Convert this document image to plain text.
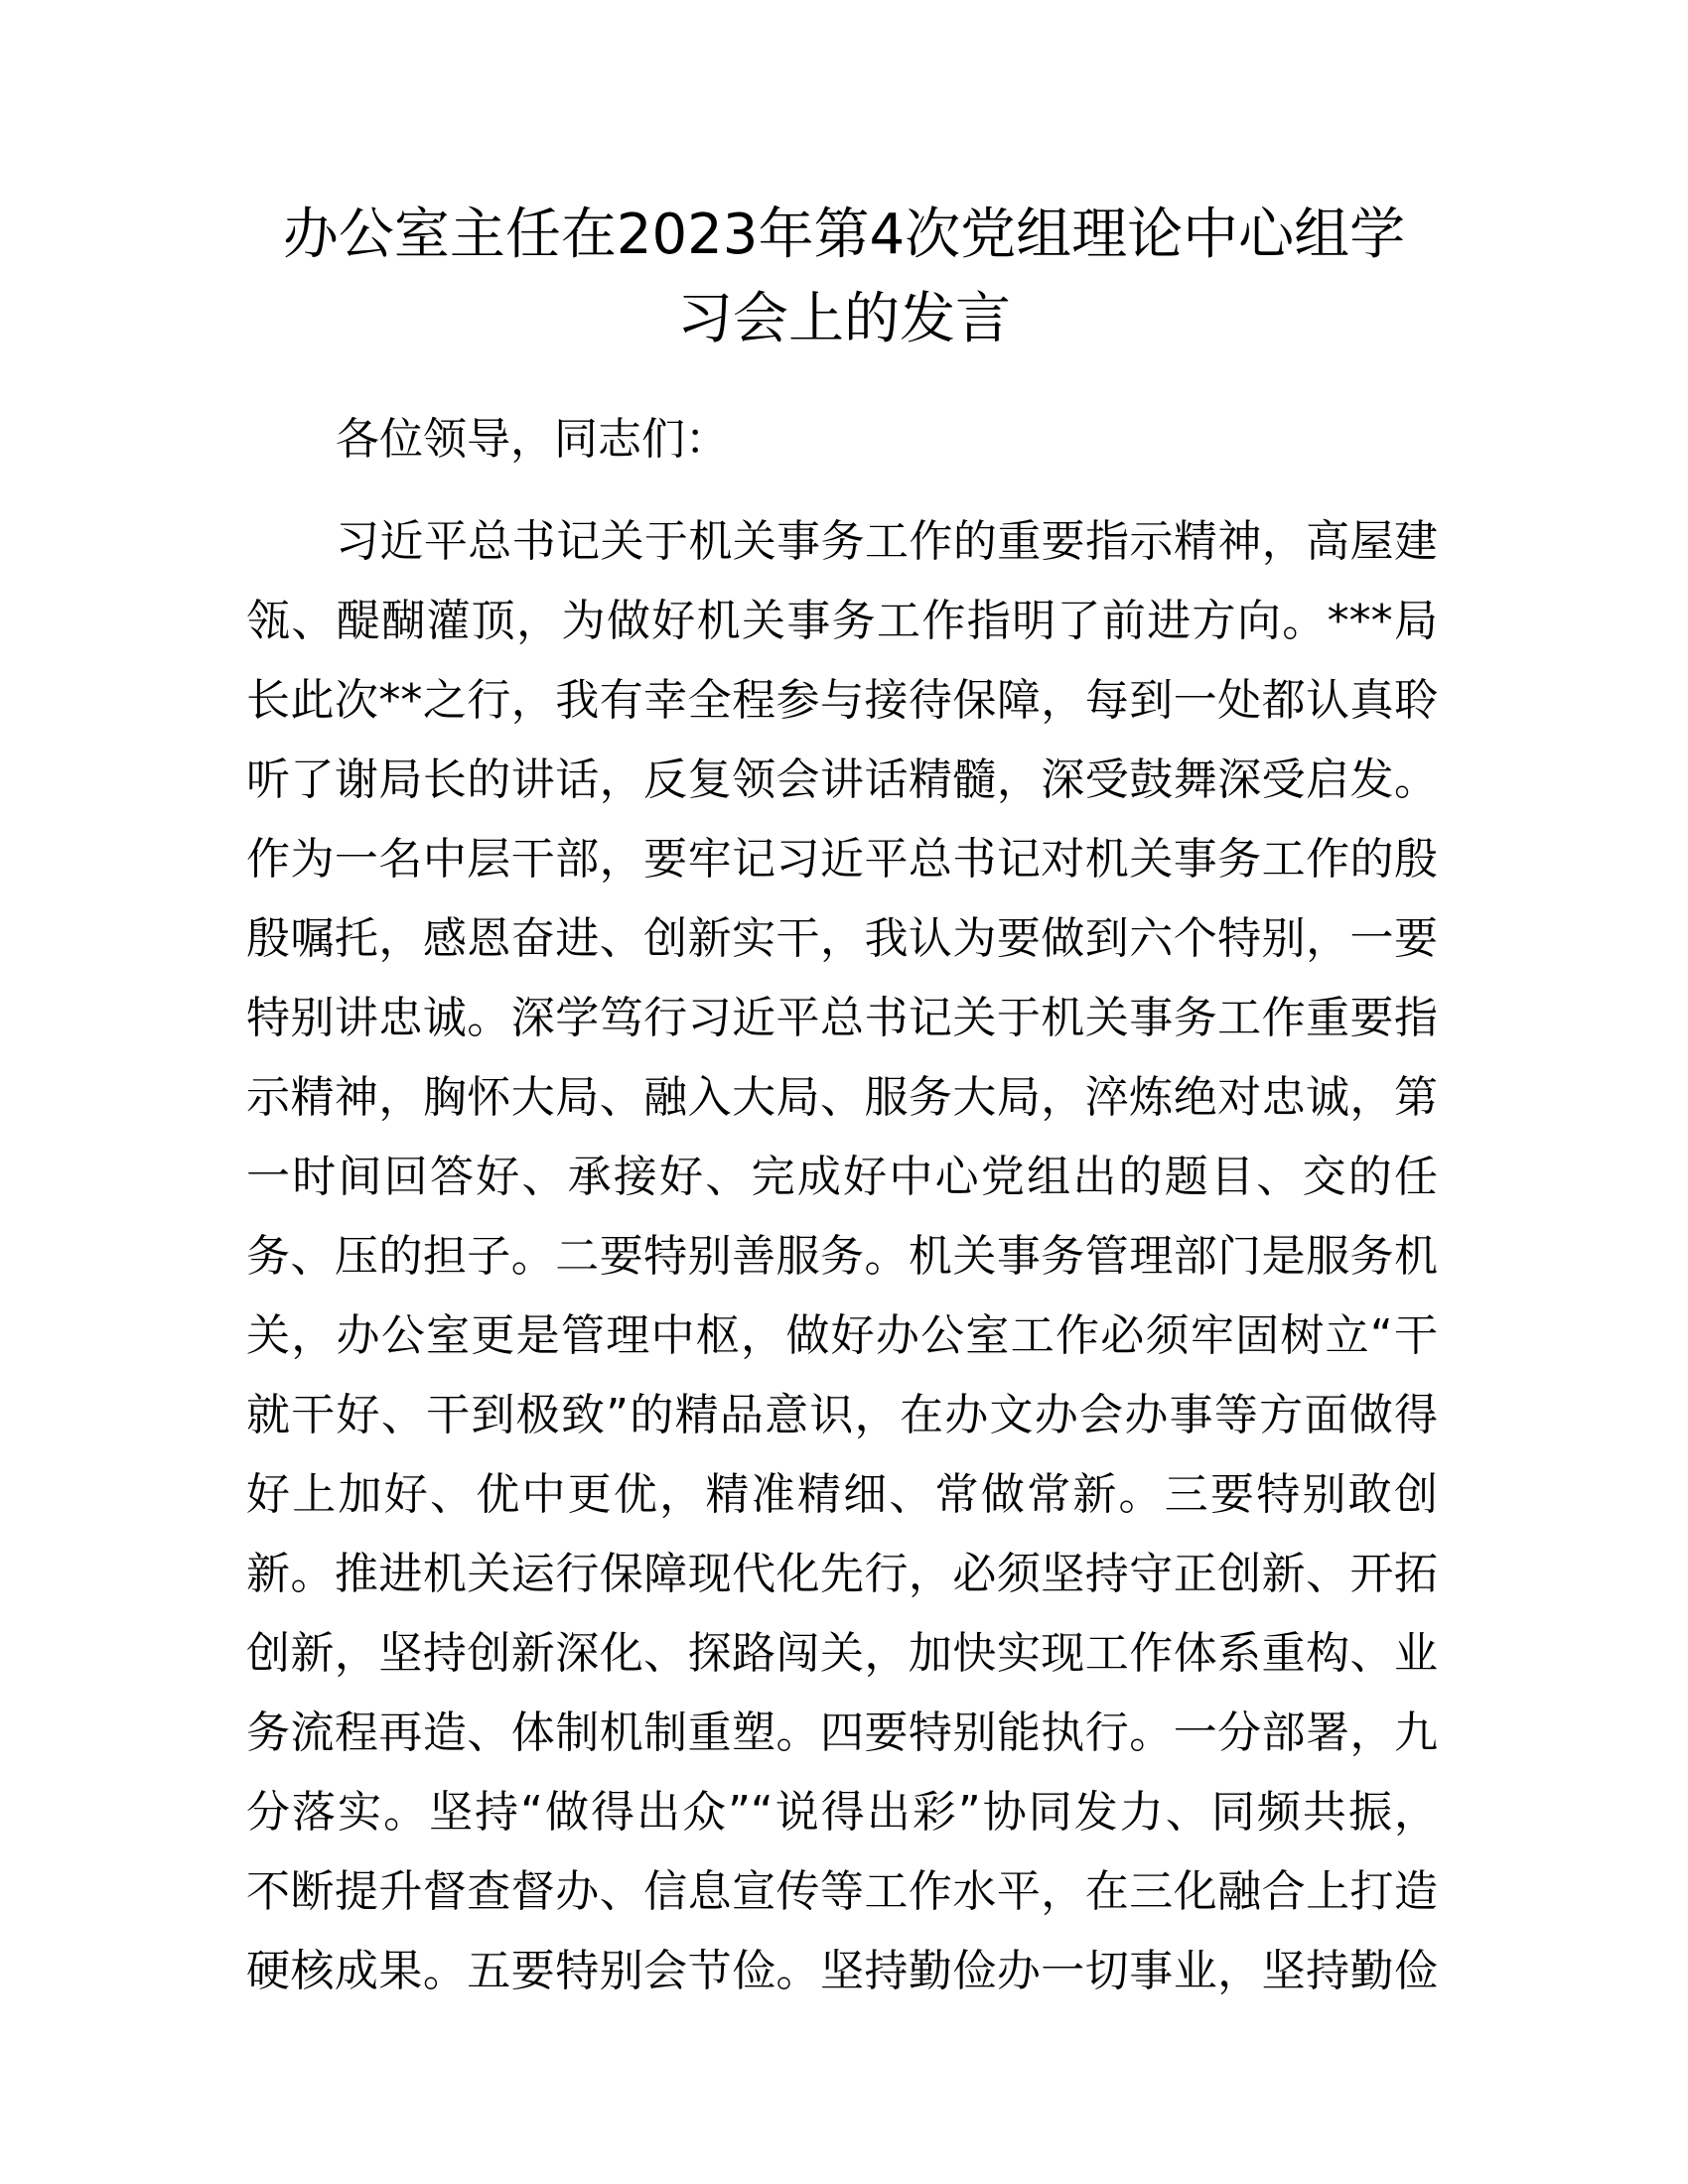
办公室主任在2023年第4次党组理论中心组学
习会上的发言
各位领导，同志们：
习近平总书记关于机关事务工作的重要指示精神，高屋建
瓴、醍醐灌顶，为做好机关事务工作指明了前进方向。***局
长此次**之行，我有幸全程参与接待保障，每到一处都认真聆
听了谢局长的讲话，反复领会讲话精髓，深受鼓舞深受启发。
作为一名中层干部，要牢记习近平总书记对机关事务工作的殷
殷嘱托，感恩奋进、创新实干，我认为要做到六个特别，一要
特别讲忠诚。深学笃行习近平总书记关于机关事务工作重要指
示精神，胸怀大局、融入大局、服务大局，淬炼绝对忠诚，第
一时间回答好、承接好、完成好中心党组出的题目、交的任
务、压的担子。二要特别善服务。机关事务管理部门是服务机
关，办公室更是管理中枢，做好办公室工作必须牢固树立“干
就干好、干到极致”的精品意识，在办文办会办事等方面做得
好上加好、优中更优，精准精细、常做常新。三要特别敢创
新。推进机关运行保障现代化先行，必须坚持守正创新、开拓
创新，坚持创新深化、探路闯关，加快实现工作体系重构、业
务流程再造、体制机制重塑。四要特别能执行。一分部署，九
分落实。坚持“做得出众”“说得出彩”协同发力、同频共振，
不断提升督查督办、信息宣传等工作水平，在三化融合上打造
硬核成果。五要特别会节俭。坚持勤俭办一切事业，坚持勤俭
